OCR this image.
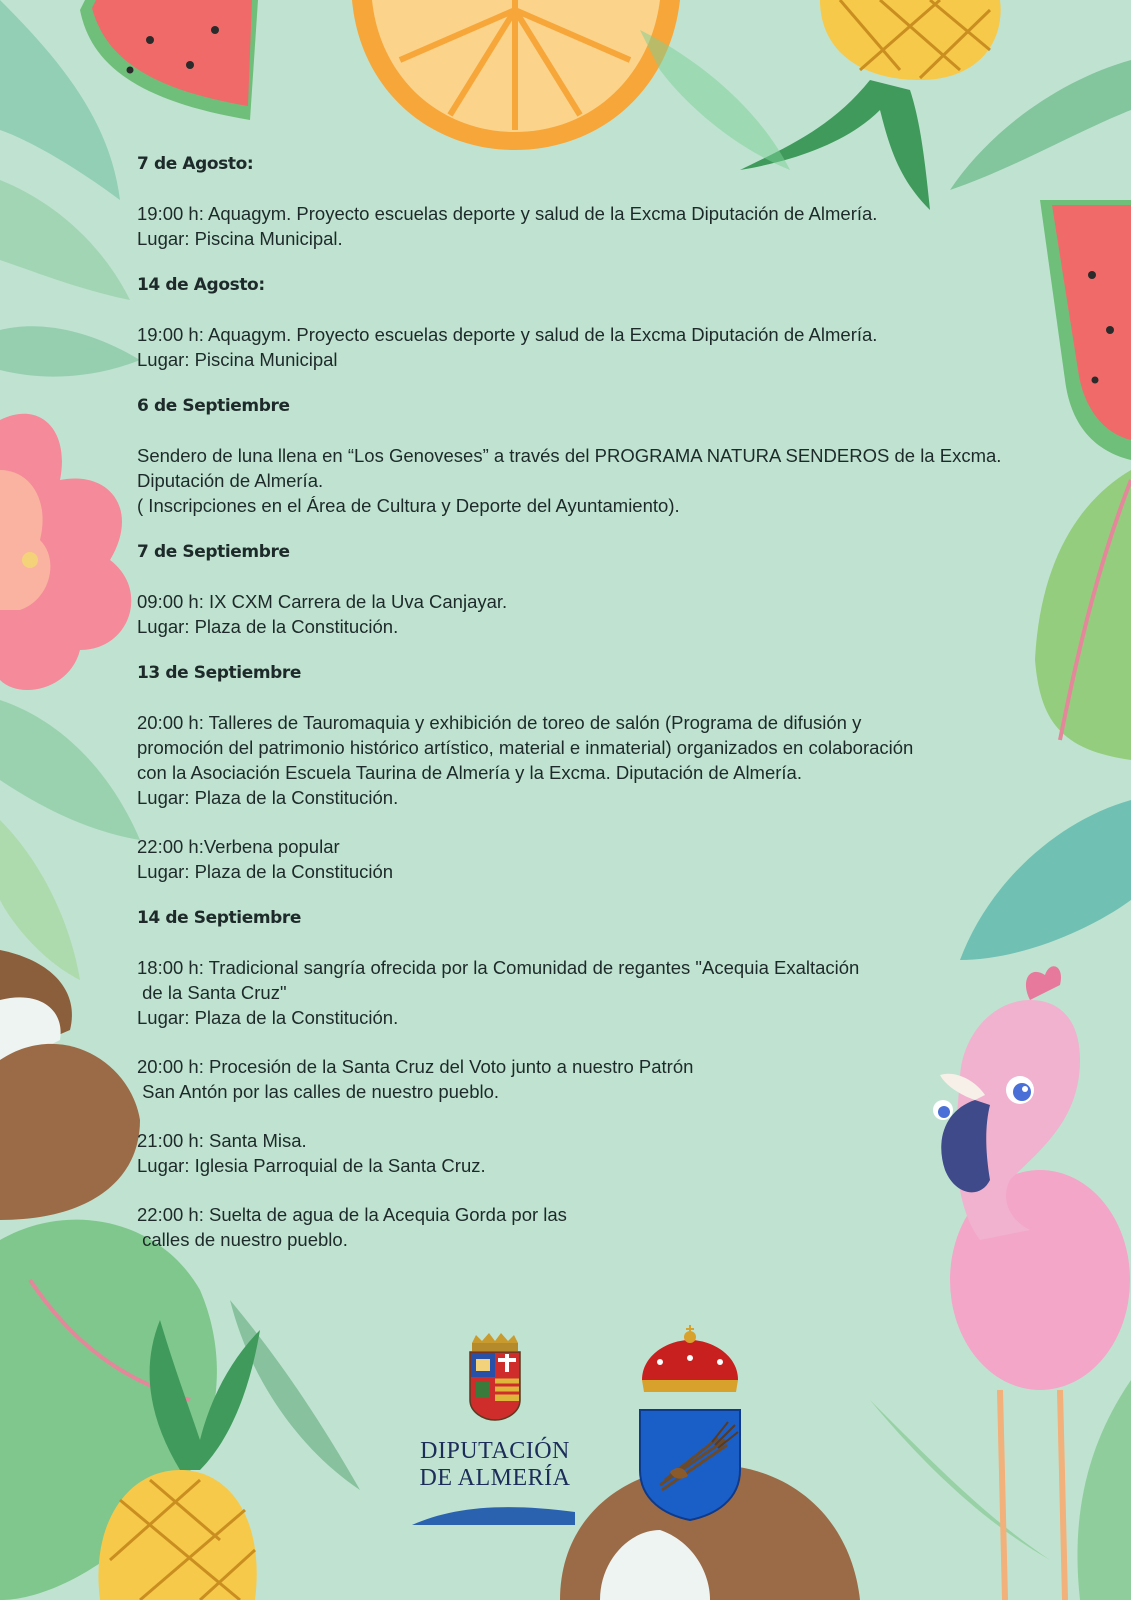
7 de Agosto:
19:00 h: Aquagym. Proyecto escuelas deporte y salud de la Excma Diputación de Almería.
Lugar: Piscina Municipal.
14 de Agosto:
19:00 h: Aquagym. Proyecto escuelas deporte y salud de la Excma Diputación de Almería.
Lugar: Piscina Municipal
6 de Septiembre
Sendero de luna llena en “Los Genoveses” a través del PROGRAMA NATURA SENDEROS de la Excma.
Diputación de Almería.
( Inscripciones en el Área de Cultura y Deporte del Ayuntamiento).
7 de Septiembre
09:00 h: IX CXM Carrera de la Uva Canjayar.
Lugar: Plaza de la Constitución.
13 de Septiembre
20:00 h: Talleres de Tauromaquia y exhibición de toreo de salón (Programa de difusión y
promoción del patrimonio histórico artístico, material e inmaterial) organizados en colaboración
con la Asociación Escuela Taurina de Almería y la Excma. Diputación de Almería.
Lugar: Plaza de la Constitución.
22:00 h:Verbena popular
Lugar: Plaza de la Constitución
14 de Septiembre
18:00 h: Tradicional sangría ofrecida por la Comunidad de regantes "Acequia Exaltación
de la Santa Cruz"
Lugar: Plaza de la Constitución.
20:00 h: Procesión de la Santa Cruz del Voto junto a nuestro Patrón
San Antón por las calles de nuestro pueblo.
21:00 h: Santa Misa.
Lugar: Iglesia Parroquial de la Santa Cruz.
22:00 h: Suelta de agua de la Acequia Gorda por las
calles de nuestro pueblo.
DIPUTACIÓN
DE ALMERÍA
